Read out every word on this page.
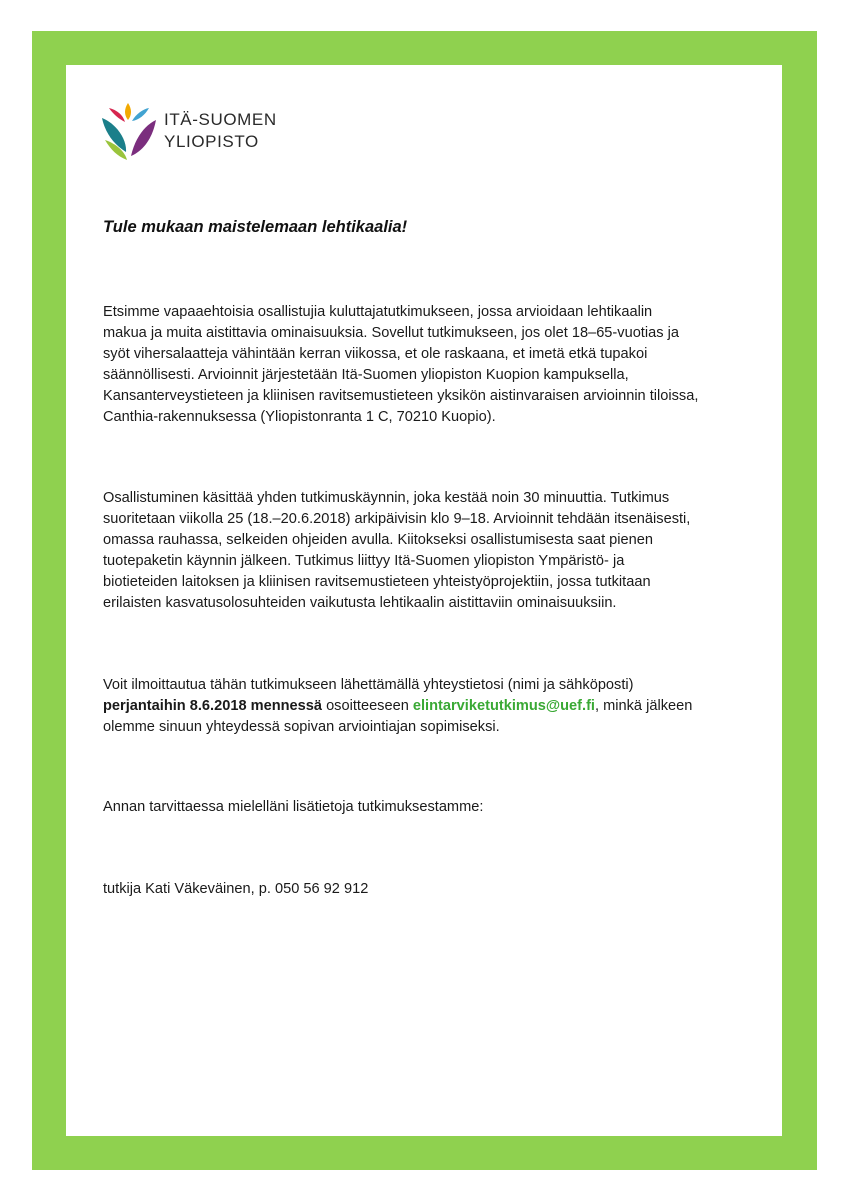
ITÄ-SUOMEN
YLIOPISTO
Tule mukaan maistelemaan lehtikaalia!
Etsimme vapaaehtoisia osallistujia kuluttajatutkimukseen, jossa arvioidaan lehtikaalin
makua ja muita aistittavia ominaisuuksia. Sovellut tutkimukseen, jos olet 18–65-vuotias ja
syöt vihersalaatteja vähintään kerran viikossa, et ole raskaana, et imetä etkä tupakoi
säännöllisesti. Arvioinnit järjestetään Itä-Suomen yliopiston Kuopion kampuksella,
Kansanterveystieteen ja kliinisen ravitsemustieteen yksikön aistinvaraisen arvioinnin tiloissa,
Canthia-rakennuksessa (Yliopistonranta 1 C, 70210 Kuopio).
Osallistuminen käsittää yhden tutkimuskäynnin, joka kestää noin 30 minuuttia. Tutkimus
suoritetaan viikolla 25 (18.–20.6.2018) arkipäivisin klo 9–18. Arvioinnit tehdään itsenäisesti,
omassa rauhassa, selkeiden ohjeiden avulla. Kiitokseksi osallistumisesta saat pienen
tuotepaketin käynnin jälkeen. Tutkimus liittyy Itä-Suomen yliopiston Ympäristö- ja
biotieteiden laitoksen ja kliinisen ravitsemustieteen yhteistyöprojektiin, jossa tutkitaan
erilaisten kasvatusolosuhteiden vaikutusta lehtikaalin aistittaviin ominaisuuksiin.
Voit ilmoittautua tähän tutkimukseen lähettämällä yhteystietosi (nimi ja sähköposti)
perjantaihin 8.6.2018 mennessä osoitteeseen elintarviketutkimus@uef.fi, minkä jälkeen
olemme sinuun yhteydessä sopivan arviointiajan sopimiseksi.
Annan tarvittaessa mielelläni lisätietoja tutkimuksestamme:
tutkija Kati Väkeväinen, p. 050 56 92 912
